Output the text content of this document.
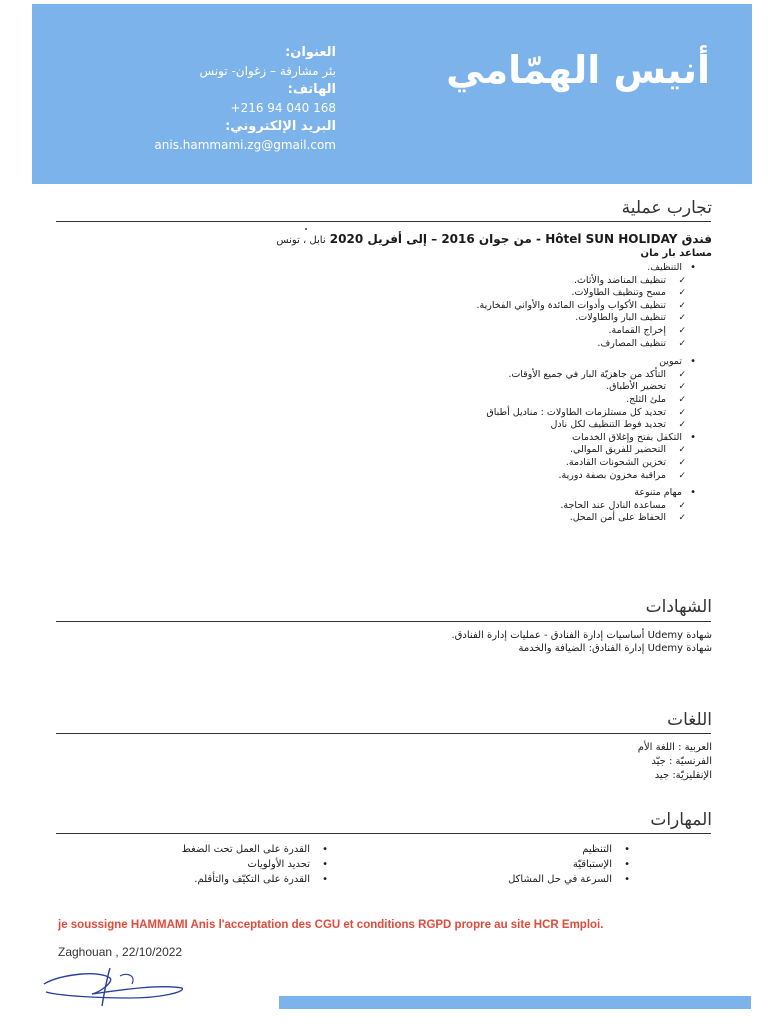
أنيس الهمّامي
العنوان:
بئر مشارقة – زغوان- تونس
الهاتف:
+216 94 040 168
البريد الإلكتروني:
anis.hammami.zg@gmail.com
تجارب عملية
فندق Hôtel SUN HOLIDAY - من جوان 2016 – إلى أفريل 2020 نابل ، تونس
مساعد بار مان
• التنظيف.
✓
تنظيف المناضد والأثاث.
✓
مسح وتنظيف الطاولات.
✓
تنظيف الأكواب وأدوات المائدة والأواني الفخارية.
✓
تنظيف البار والطاولات.
✓
إخراج القمامة.
✓
تنظيف المصارف.
• تموين
✓
التأكد من جاهزيّة البار في جميع الأوقات.
✓
تحضير الأطباق.
✓
ملئ الثلج.
✓
تجديد كل مستلزمات الطاولات : مناديل أطباق
✓
تجديد فوط التنظيف لكل نادل
• التكفل بفتح وإغلاق الخدمات
✓
التحضير للفريق الموالي.
✓
تخزين الشحونات القادمة.
✓
مراقبة مخزون بصفة دورية.
• مهام متنوعة
✓
مساعدة النادل عند الحاجة.
✓
الحفاظ على أمن المحل.
الشهادات
شهادة Udemy أساسيات إدارة الفنادق - عمليات إدارة الفنادق.
شهادة Udemy إدارة الفنادق: الضيافة والخدمة
اللغات
العربية : اللغة الأم
الفرنسيّة : جيّد
الإنقليزيّة: جيد
المهارات
• التنظيم
• الإستباقيّة
• السرعة في حل المشاكل
• القدرة على العمل تحت الضغط
• تحديد الأولويات
• القدرة على التكيّف والتأقلم.
je soussigne HAMMAMI Anis l'acceptation des CGU et conditions RGPD propre au site HCR Emploi.
Zaghouan , 22/10/2022
